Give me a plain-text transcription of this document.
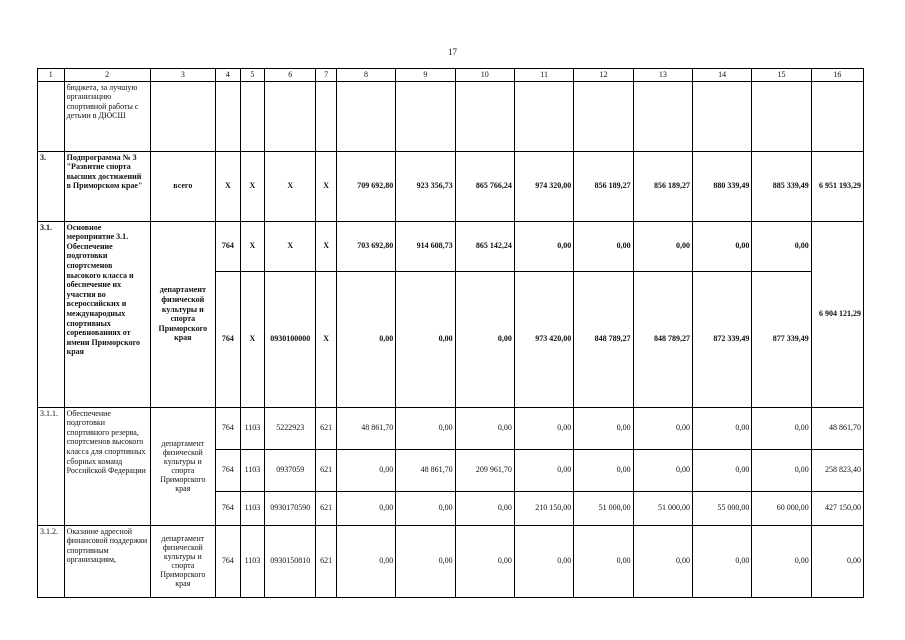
17
1	2	3	4	5	6	7	8	9	10	11	12	13	14	15	16
	бюджета, за лучшую организацию спортивной работы с детьми в ДЮСШ														
3.	Подпрограмма № 3 "Развитие спорта высших достижений в Приморском крае"	всего	X	X	X	X	709 692,80	923 356,73	865 766,24	974 320,00	856 189,27	856 189,27	880 339,49	885 339,49	6 951 193,29
3.1.	Основное мероприятие 3.1. Обеспечение подготовки спортсменов высокого класса и обеспечение их участия во всероссийских и международных спортивных соревнованиях от имени Приморского края	департамент физической культуры и спорта Приморского края	764	X	X	X	703 692,80	914 608,73	865 142,24	0,00	0,00	0,00	0,00	0,00	6 904 121,29
			764	X	0930100000	X	0,00	0,00	0,00	973 420,00	848 789,27	848 789,27	872 339,49	877 339,49	
3.1.1.	Обеспечение подготовки спортивного резерва, спортсменов высокого класса для спортивных сборных команд Российской Федерации	департамент физической культуры и спорта Приморского края	764	1103	5222923	621	48 861,70	0,00	0,00	0,00	0,00	0,00	0,00	0,00	48 861,70
			764	1103	0937059	621	0,00	48 861,70	209 961,70	0,00	0,00	0,00	0,00	0,00	258 823,40
			764	1103	0930170590	621	0,00	0,00	0,00	210 150,00	51 000,00	51 000,00	55 000,00	60 000,00	427 150,00
3.1.2.	Оказание адресной финансовой поддержки спортивным организациям,	департамент физической культуры и спорта Приморского края	764	1103	0930150810	621	0,00	0,00	0,00	0,00	0,00	0,00	0,00	0,00	0,00
